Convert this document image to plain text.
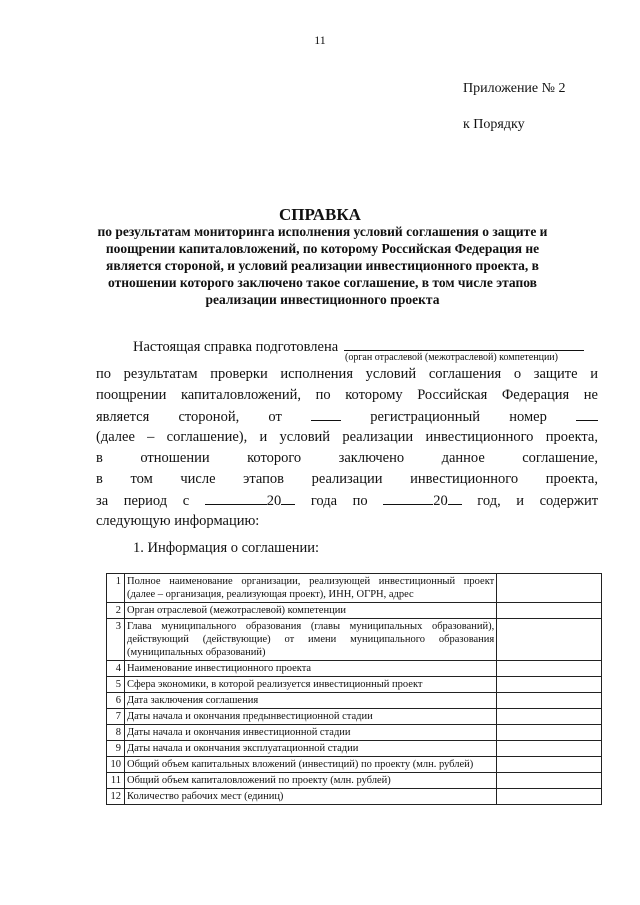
11
Приложение № 2
к Порядку
СПРАВКА
по результатам мониторинга исполнения условий соглашения о защите и поощрении капиталовложений, по которому Российская Федерация не является стороной, и условий реализации инвестиционного проекта, в отношении которого заключено такое соглашение, в том числе этапов реализации инвестиционного проекта
Настоящая справка подготовлена
(орган отраслевой (межотраслевой) компетенции)
по результатам проверки исполнения условий соглашения о защите и
поощрении капиталовложений, по которому Российская Федерация не
является стороной, от	регистрационный номер
(далее – соглашение), и условий реализации инвестиционного проекта,
в отношении которого заключено данное соглашение,
в том числе этапов реализации инвестиционного проекта,
за период с	20 года по	20 год, и содержит
следующую информацию:
1. Информация о соглашении:
1	Полное наименование организации, реализующей инвестиционный проект (далее – организация, реализующая проект), ИНН, ОГРН, адрес	
2	Орган отраслевой (межотраслевой) компетенции	
3	Глава муниципального образования (главы муниципальных образований), действующий (действующие) от имени муниципального образования (муниципальных образований)	
4	Наименование инвестиционного проекта	
5	Сфера экономики, в которой реализуется инвестиционный проект	
6	Дата заключения соглашения	
7	Даты начала и окончания предынвестиционной стадии	
8	Даты начала и окончания инвестиционной стадии	
9	Даты начала и окончания эксплуатационной стадии	
10	Общий объем капитальных вложений (инвестиций) по проекту (млн. рублей)	
11	Общий объем капиталовложений по проекту (млн. рублей)	
12	Количество рабочих мест (единиц)	
